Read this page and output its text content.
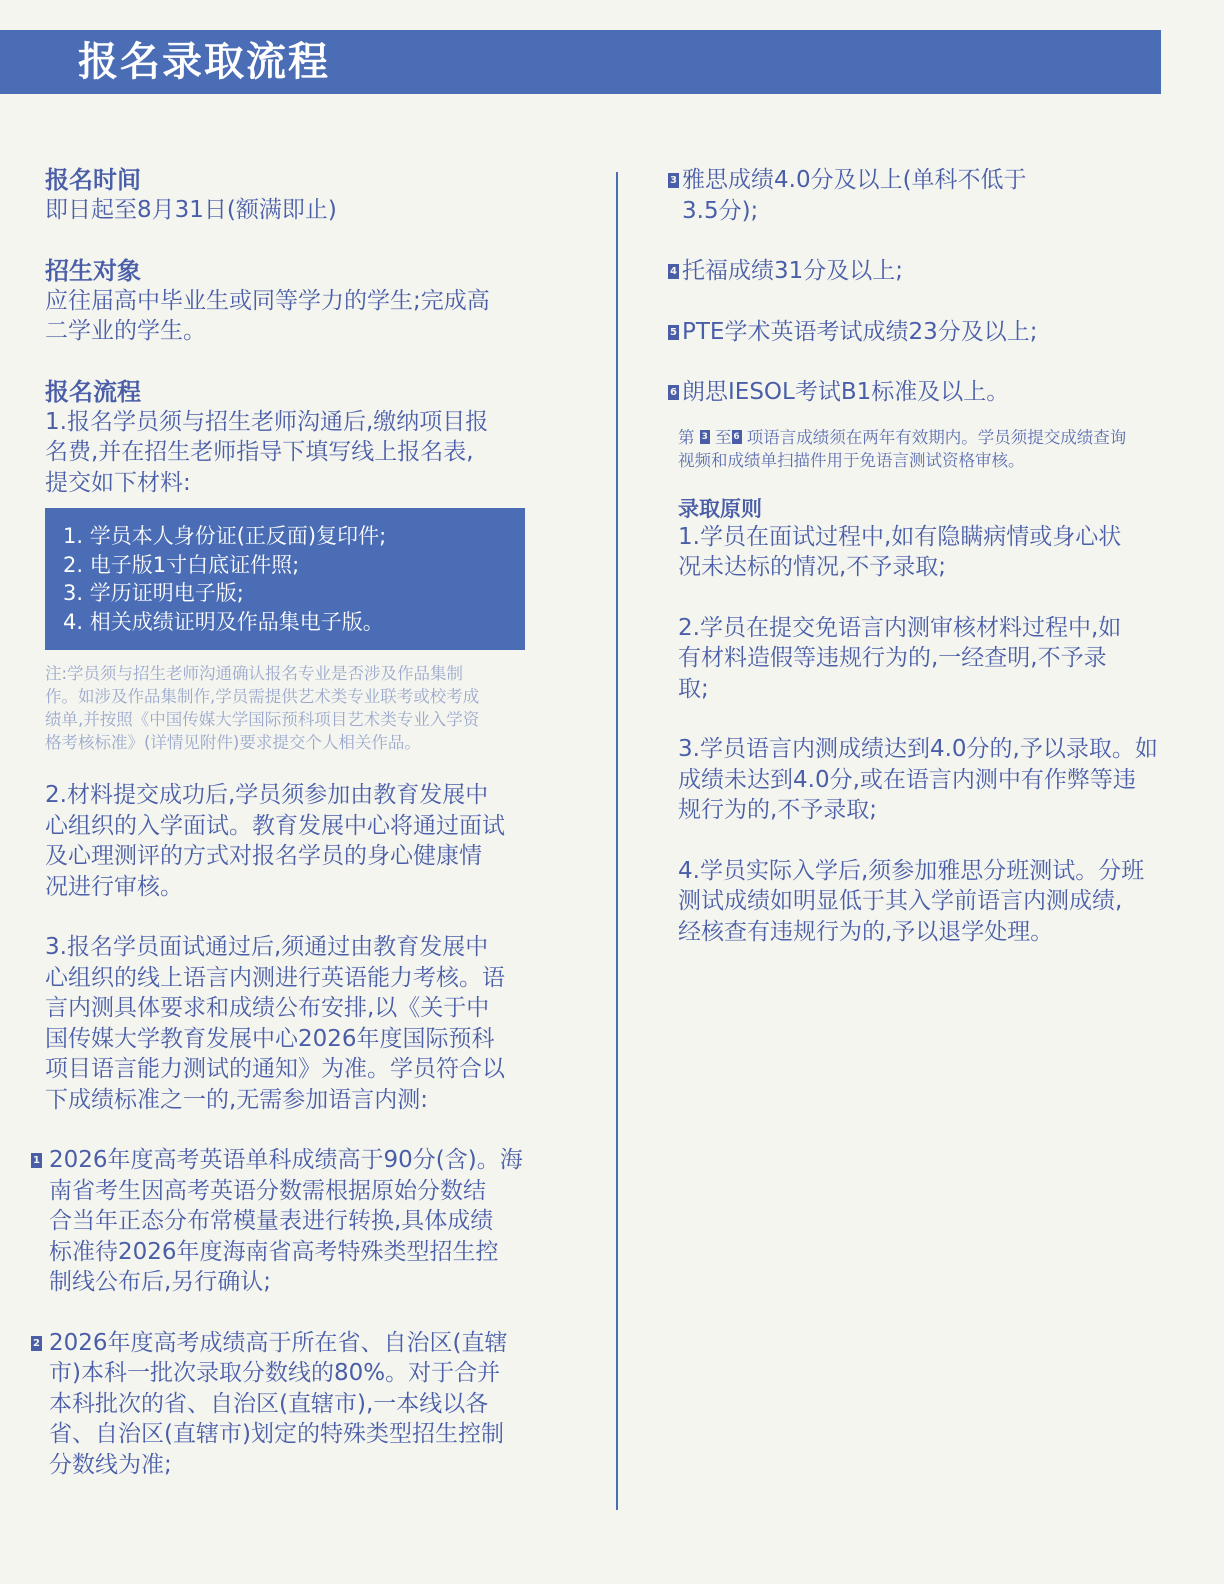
报名录取流程
报名时间
即日起至8月31日(额满即止)
招生对象
应往届高中毕业生或同等学力的学生;完成高
二学业的学生。
报名流程
1.报名学员须与招生老师沟通后,缴纳项目报
名费,并在招生老师指导下填写线上报名表,
提交如下材料:
1. 学员本人身份证(正反面)复印件;
2. 电子版1寸白底证件照;
3. 学历证明电子版;
4. 相关成绩证明及作品集电子版。
注:学员须与招生老师沟通确认报名专业是否涉及作品集制
作。如涉及作品集制作,学员需提供艺术类专业联考或校考成
绩单,并按照《中国传媒大学国际预科项目艺术类专业入学资
格考核标准》(详情见附件)要求提交个人相关作品。
2.材料提交成功后,学员须参加由教育发展中
心组织的入学面试。教育发展中心将通过面试
及心理测评的方式对报名学员的身心健康情
况进行审核。
3.报名学员面试通过后,须通过由教育发展中
心组织的线上语言内测进行英语能力考核。语
言内测具体要求和成绩公布安排,以《关于中
国传媒大学教育发展中心2026年度国际预科
项目语言能力测试的通知》为准。学员符合以
下成绩标准之一的,无需参加语言内测:
1 2026年度高考英语单科成绩高于90分(含)。海
南省考生因高考英语分数需根据原始分数结
合当年正态分布常模量表进行转换,具体成绩
标准待2026年度海南省高考特殊类型招生控
制线公布后,另行确认;
2 2026年度高考成绩高于所在省、自治区(直辖
市)本科一批次录取分数线的80%。对于合并
本科批次的省、自治区(直辖市),一本线以各
省、自治区(直辖市)划定的特殊类型招生控制
分数线为准;
3 雅思成绩4.0分及以上(单科不低于
3.5分);
4 托福成绩31分及以上;
5 PTE学术英语考试成绩23分及以上;
6 朗思IESOL考试B1标准及以上。
第 3 至 6 项语言成绩须在两年有效期内。学员须提交成绩查询
视频和成绩单扫描件用于免语言测试资格审核。
录取原则
1.学员在面试过程中,如有隐瞒病情或身心状
况未达标的情况,不予录取;
2.学员在提交免语言内测审核材料过程中,如
有材料造假等违规行为的,一经查明,不予录
取;
3.学员语言内测成绩达到4.0分的,予以录取。如
成绩未达到4.0分,或在语言内测中有作弊等违
规行为的,不予录取;
4.学员实际入学后,须参加雅思分班测试。分班
测试成绩如明显低于其入学前语言内测成绩,
经核查有违规行为的,予以退学处理。
